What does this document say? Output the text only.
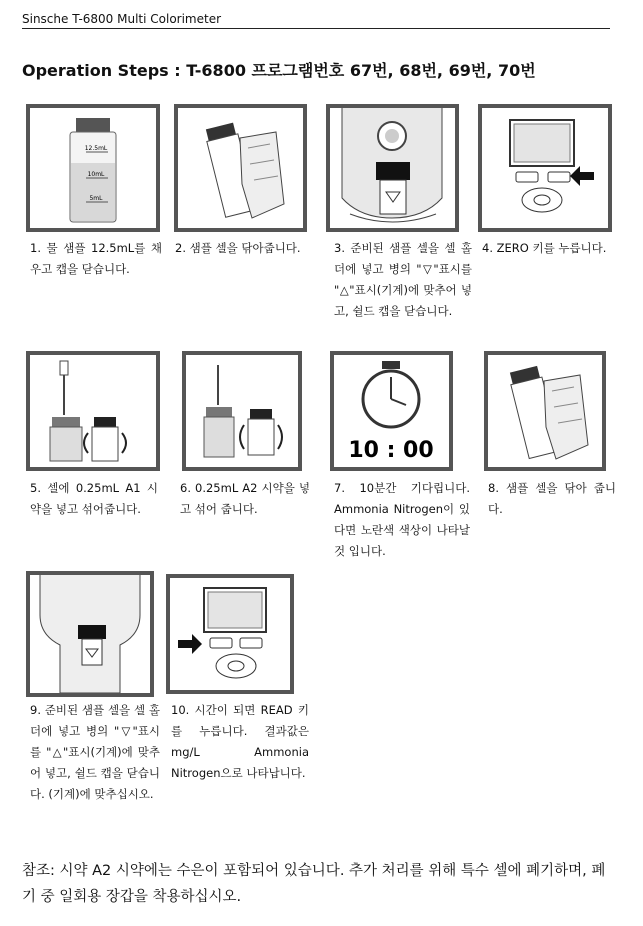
Sinsche T-6800 Multi Colorimeter
Operation Steps : T-6800 프로그램번호 67번, 68번, 69번, 70번
12.5mL
10mL
5mL
1. 물 샘플 12.5mL를 채우고 캡을 닫습니다.
2. 샘플 셀을 닦아줍니다.	3. 준비된 샘플 셀을 셀 홀더에 넣고 병의 "▽"표시를 "△"표시(기계)에 맞추어 넣고, 쉴드 캡을 닫습니다.
4. ZERO 키를 누릅니다.
5. 셀에 0.25mL A1 시약을 넣고 섞어줍니다.
6. 0.25mL A2 시약을 넣고 섞어 줍니다.
10 : 00
7. 10분간 기다립니다. Ammonia Nitrogen이 있다면 노란색 색상이 나타날 것 입니다.
8. 샘플 셀을 닦아 줍니다.
9. 준비된 샘플 셀을 셀 홀더에 넣고 병의 "▽"표시를 "△"표시(기계)에 맞추어 넣고, 쉴드 캡을 닫습니다. (기계)에 맞추십시오.
10. 시간이 되면 READ 키를 누릅니다. 결과값은 mg/L Ammonia Nitrogen으로 나타납니다.
참조: 시약 A2 시약에는 수은이 포함되어 있습니다. 추가 처리를 위해 특수 셀에 폐기하며, 폐기 중 일회용 장갑을 착용하십시오.
